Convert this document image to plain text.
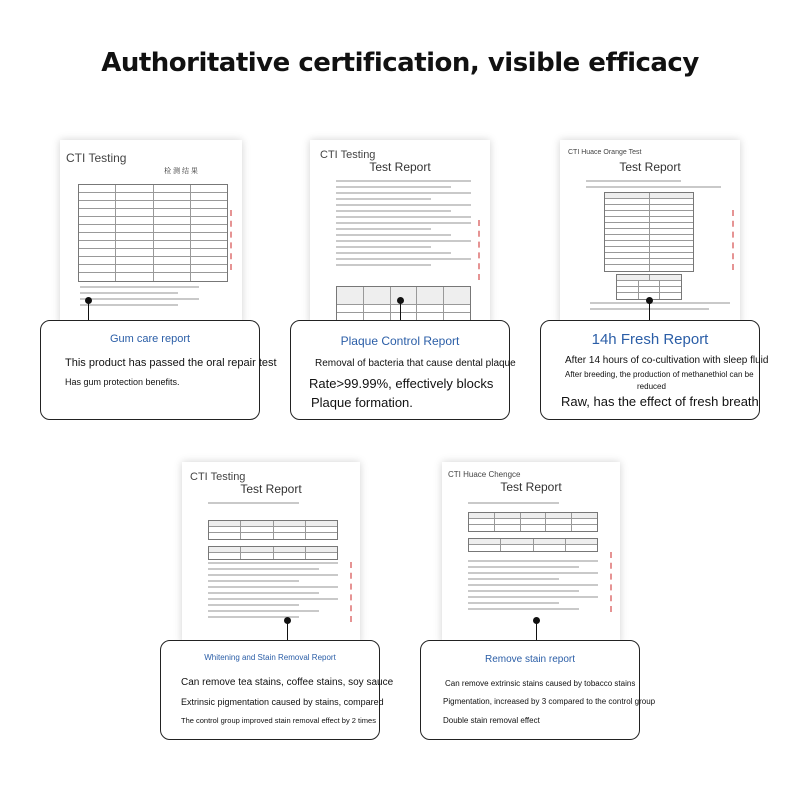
Authoritative certification, visible efficacy
CTI Testing
检 测 结 果
CTI Testing
Test Report
CTI Huace Orange Test
Test Report
CTI Testing
Test Report
CTI Huace Chengce
Test Report
Gum care report
This product has passed the oral repair test
Has gum protection benefits.
Plaque Control Report
Removal of bacteria that cause dental plaque
Rate>99.99%, effectively blocks
Plaque formation.
14h Fresh Report
After 14 hours of co-cultivation with sleep fluid
After breeding, the production of methanethiol can be
reduced
Raw, has the effect of fresh breath
Whitening and Stain Removal Report
Can remove tea stains, coffee stains, soy sauce
Extrinsic pigmentation caused by stains, compared
The control group improved stain removal effect by 2 times
Remove stain report
Can remove extrinsic stains caused by tobacco stains
Pigmentation, increased by 3 compared to the control group
Double stain removal effect
